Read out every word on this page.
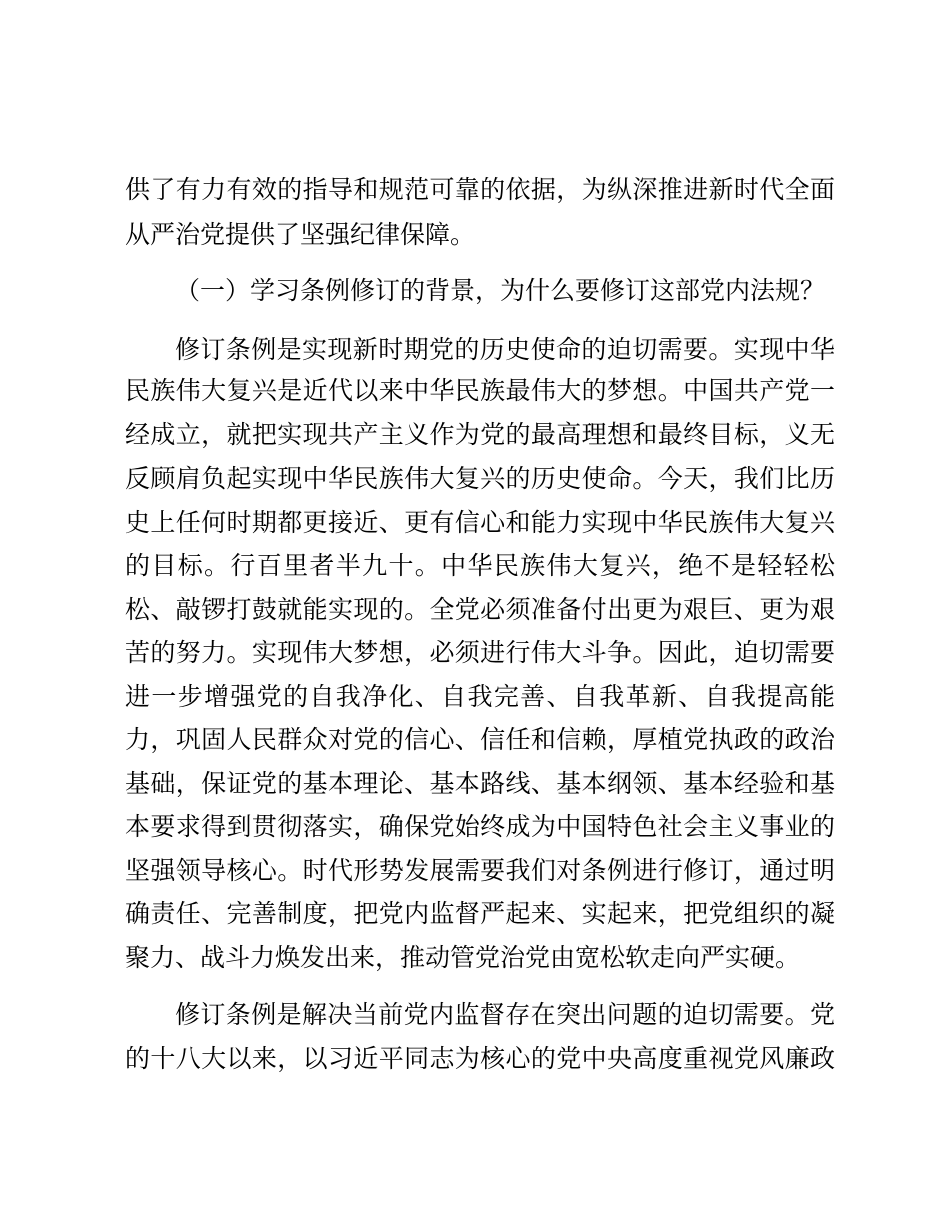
供了有力有效的指导和规范可靠的依据，为纵深推进新时代全面

从严治党提供了坚强纪律保障。

（一）学习条例修订的背景，为什么要修订这部党内法规？

修订条例是实现新时期党的历史使命的迫切需要。实现中华

民族伟大复兴是近代以来中华民族最伟大的梦想。中国共产党一

经成立，就把实现共产主义作为党的最高理想和最终目标，义无

反顾肩负起实现中华民族伟大复兴的历史使命。今天，我们比历

史上任何时期都更接近、更有信心和能力实现中华民族伟大复兴

的目标。行百里者半九十。中华民族伟大复兴，绝不是轻轻松

松、敲锣打鼓就能实现的。全党必须准备付出更为艰巨、更为艰

苦的努力。实现伟大梦想，必须进行伟大斗争。因此，迫切需要

进一步增强党的自我净化、自我完善、自我革新、自我提高能

力，巩固人民群众对党的信心、信任和信赖，厚植党执政的政治

基础，保证党的基本理论、基本路线、基本纲领、基本经验和基

本要求得到贯彻落实，确保党始终成为中国特色社会主义事业的

坚强领导核心。时代形势发展需要我们对条例进行修订，通过明

确责任、完善制度，把党内监督严起来、实起来，把党组织的凝

聚力、战斗力焕发出来，推动管党治党由宽松软走向严实硬。

修订条例是解决当前党内监督存在突出问题的迫切需要。党

的十八大以来，以习近平同志为核心的党中央高度重视党风廉政
